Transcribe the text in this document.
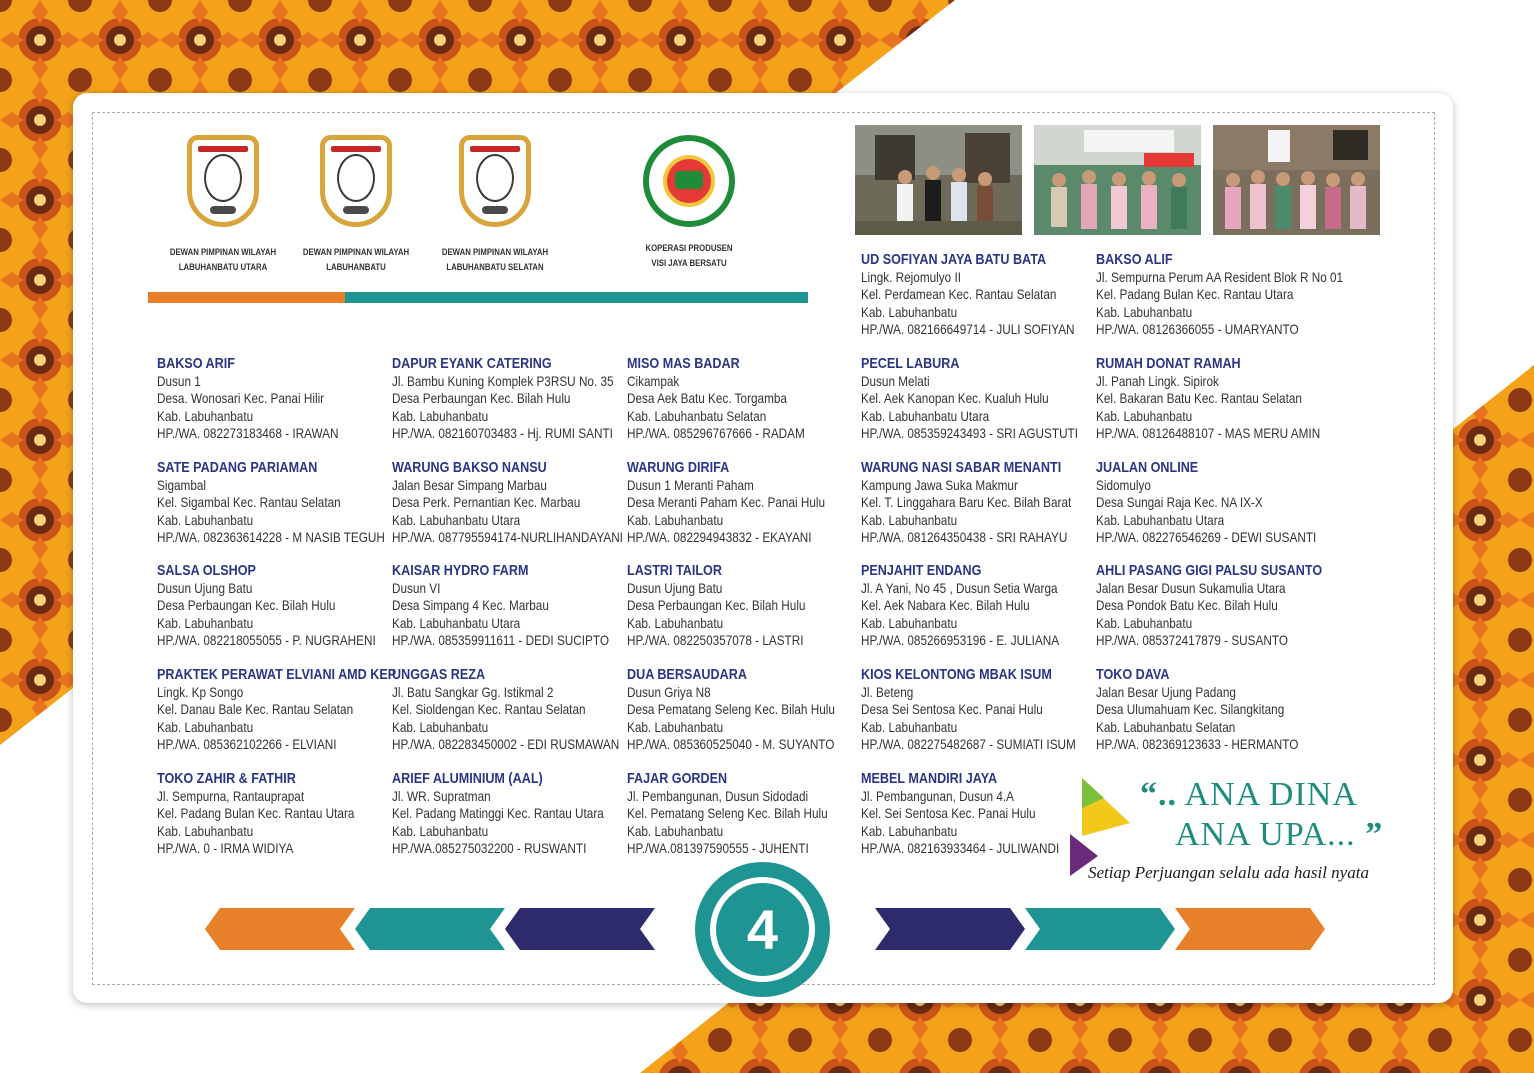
DEWAN PIMPINAN WILAYAH
LABUHANBATU UTARA
DEWAN PIMPINAN WILAYAH
LABUHANBATU
DEWAN PIMPINAN WILAYAH
LABUHANBATU SELATAN
KOPERASI PRODUSEN
VISI JAYA BERSATU	UD SOFIYAN JAYA BATU BATA
Lingk. Rejomulyo II
Kel. Perdamean Kec. Rantau Selatan
Kab. Labuhanbatu
HP./WA. 082166649714 - JULI SOFIYAN
BAKSO ALIF
Jl. Sempurna Perum AA Resident Blok R No 01
Kel. Padang Bulan Kec. Rantau Utara
Kab. Labuhanbatu
HP./WA. 08126366055 - UMARYANTO
BAKSO ARIF
Dusun 1
Desa. Wonosari Kec. Panai Hilir
Kab. Labuhanbatu
HP./WA. 082273183468 - IRAWAN
DAPUR EYANK CATERING
Jl. Bambu Kuning Komplek P3RSU No. 35
Desa Perbaungan Kec. Bilah Hulu
Kab. Labuhanbatu
HP./WA. 082160703483 - Hj. RUMI SANTI
MISO MAS BADAR
Cikampak
Desa Aek Batu Kec. Torgamba
Kab. Labuhanbatu Selatan
HP./WA. 085296767666 - RADAM
PECEL LABURA
Dusun Melati
Kel. Aek Kanopan Kec. Kualuh Hulu
Kab. Labuhanbatu Utara
HP./WA. 085359243493 - SRI AGUSTUTI
RUMAH DONAT RAMAH
Jl. Panah Lingk. Sipirok
Kel. Bakaran Batu Kec. Rantau Selatan
Kab. Labuhanbatu
HP./WA. 08126488107 - MAS MERU AMIN
SATE PADANG PARIAMAN
Sigambal
Kel. Sigambal Kec. Rantau Selatan
Kab. Labuhanbatu
HP./WA. 082363614228 - M NASIB TEGUH
WARUNG BAKSO NANSU
Jalan Besar Simpang Marbau
Desa Perk. Pernantian Kec. Marbau
Kab. Labuhanbatu Utara
HP./WA. 087795594174-NURLIHANDAYANI
WARUNG DIRIFA
Dusun 1 Meranti Paham
Desa Meranti Paham Kec. Panai Hulu
Kab. Labuhanbatu
HP./WA. 082294943832 - EKAYANI
WARUNG NASI SABAR MENANTI
Kampung Jawa Suka Makmur
Kel. T. Linggahara Baru Kec. Bilah Barat
Kab. Labuhanbatu
HP./WA. 081264350438 - SRI RAHAYU
JUALAN ONLINE
Sidomulyo
Desa Sungai Raja Kec. NA IX-X
Kab. Labuhanbatu Utara
HP./WA. 082276546269 - DEWI SUSANTI
SALSA OLSHOP
Dusun Ujung Batu
Desa Perbaungan Kec. Bilah Hulu
Kab. Labuhanbatu
HP./WA. 082218055055 - P. NUGRAHENI
KAISAR HYDRO FARM
Dusun VI
Desa Simpang 4 Kec. Marbau
Kab. Labuhanbatu Utara
HP./WA. 085359911611 - DEDI SUCIPTO
LASTRI TAILOR
Dusun Ujung Batu
Desa Perbaungan Kec. Bilah Hulu
Kab. Labuhanbatu
HP./WA. 082250357078 - LASTRI
PENJAHIT ENDANG
Jl. A Yani, No 45 , Dusun Setia Warga
Kel. Aek Nabara Kec. Bilah Hulu
Kab. Labuhanbatu
HP./WA. 085266953196 - E. JULIANA
AHLI PASANG GIGI PALSU SUSANTO
Jalan Besar Dusun Sukamulia Utara
Desa Pondok Batu Kec. Bilah Hulu
Kab. Labuhanbatu
HP./WA. 085372417879 - SUSANTO
PRAKTEK PERAWAT ELVIANI AMD KEP
Lingk. Kp Songo
Kel. Danau Bale Kec. Rantau Selatan
Kab. Labuhanbatu
HP./WA. 085362102266 - ELVIANI
UNGGAS REZA
Jl. Batu Sangkar Gg. Istikmal 2
Kel. Sioldengan Kec. Rantau Selatan
Kab. Labuhanbatu
HP./WA. 082283450002 - EDI RUSMAWAN
DUA BERSAUDARA
Dusun Griya N8
Desa Pematang Seleng Kec. Bilah Hulu
Kab. Labuhanbatu
HP./WA. 085360525040 - M. SUYANTO
KIOS KELONTONG MBAK ISUM
Jl. Beteng
Desa Sei Sentosa Kec. Panai Hulu
Kab. Labuhanbatu
HP./WA. 082275482687 - SUMIATI ISUM
TOKO DAVA
Jalan Besar Ujung Padang
Desa Ulumahuam Kec. Silangkitang
Kab. Labuhanbatu Selatan
HP./WA. 082369123633 - HERMANTO
TOKO ZAHIR & FATHIR
Jl. Sempurna, Rantauprapat
Kel. Padang Bulan Kec. Rantau Utara
Kab. Labuhanbatu
HP./WA. 0 - IRMA WIDIYA
ARIEF ALUMINIUM (AAL)
Jl. WR. Supratman
Kel. Padang Matinggi Kec. Rantau Utara
Kab. Labuhanbatu
HP./WA.085275032200 - RUSWANTI
FAJAR GORDEN
Jl. Pembangunan, Dusun Sidodadi
Kel. Pematang Seleng Kec. Bilah Hulu
Kab. Labuhanbatu
HP./WA.081397590555 - JUHENTI
MEBEL MANDIRI JAYA
Jl. Pembangunan, Dusun 4.A
Kel. Sei Sentosa Kec. Panai Hulu
Kab. Labuhanbatu
HP./WA. 082163933464 - JULIWANDI
“.. ANA DINA
ANA UPA... ”
Setiap Perjuangan selalu ada hasil nyata
4
